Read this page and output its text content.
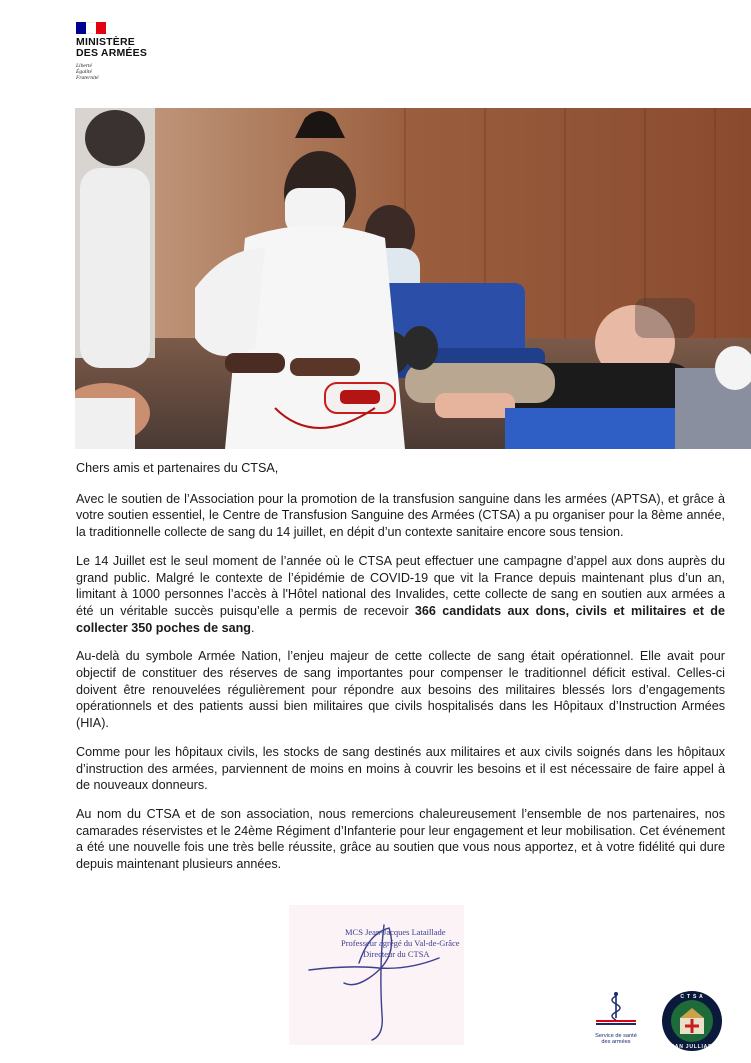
MINISTÈRE
DES ARMÉES
Liberté
Égalité
Fraternité

Chers amis et partenaires du CTSA,

Avec le soutien de l’Association pour la promotion de la transfusion sanguine dans les armées (APTSA), et grâce à votre soutien essentiel, le Centre de Transfusion Sanguine des Armées (CTSA) a pu organiser pour la 8ème année, la traditionnelle collecte de sang du 14 juillet, en dépit d’un contexte sanitaire encore sous tension.

Le 14 Juillet est le seul moment de l’année où le CTSA peut effectuer une campagne d’appel aux dons auprès du grand public. Malgré le contexte de l’épidémie de COVID-19 que vit la France depuis maintenant plus d’un an, limitant à 1000 personnes l’accès à l'Hôtel national des Invalides, cette collecte de sang en soutien aux armées a été un véritable succès puisqu’elle a permis de recevoir 366 candidats aux dons, civils et militaires et de collecter 350 poches de sang.

Au-delà du symbole Armée Nation, l’enjeu majeur de cette collecte de sang était opérationnel. Elle avait pour objectif de constituer des réserves de sang importantes pour compenser le traditionnel déficit estival. Celles-ci doivent être renouvelées régulièrement pour répondre aux besoins des militaires blessés lors d’engagements opérationnels et des patients aussi bien militaires que civils hospitalisés dans les Hôpitaux d’Instruction Armées (HIA).

Comme pour les hôpitaux civils, les stocks de sang destinés aux militaires et aux civils soignés dans les hôpitaux d’instruction des armées, parviennent de moins en moins à couvrir les besoins et il est nécessaire de faire appel à de nouveaux donneurs.

Au nom du CTSA et de son association, nous remercions chaleureusement l’ensemble de nos partenaires, nos camarades réservistes et le 24ème Régiment d’Infanterie pour leur engagement et leur mobilisation. Cet événement a été une nouvelle fois une très belle réussite, grâce au soutien que vous nous apportez, et à votre fidélité qui dure depuis maintenant plusieurs années.

MCS Jean-Jacques Lataillade
Professeur agrégé du Val-de-Grâce
Directeur du CTSA
Service de santé
des armées
C T S A
JEAN JULLIARD
